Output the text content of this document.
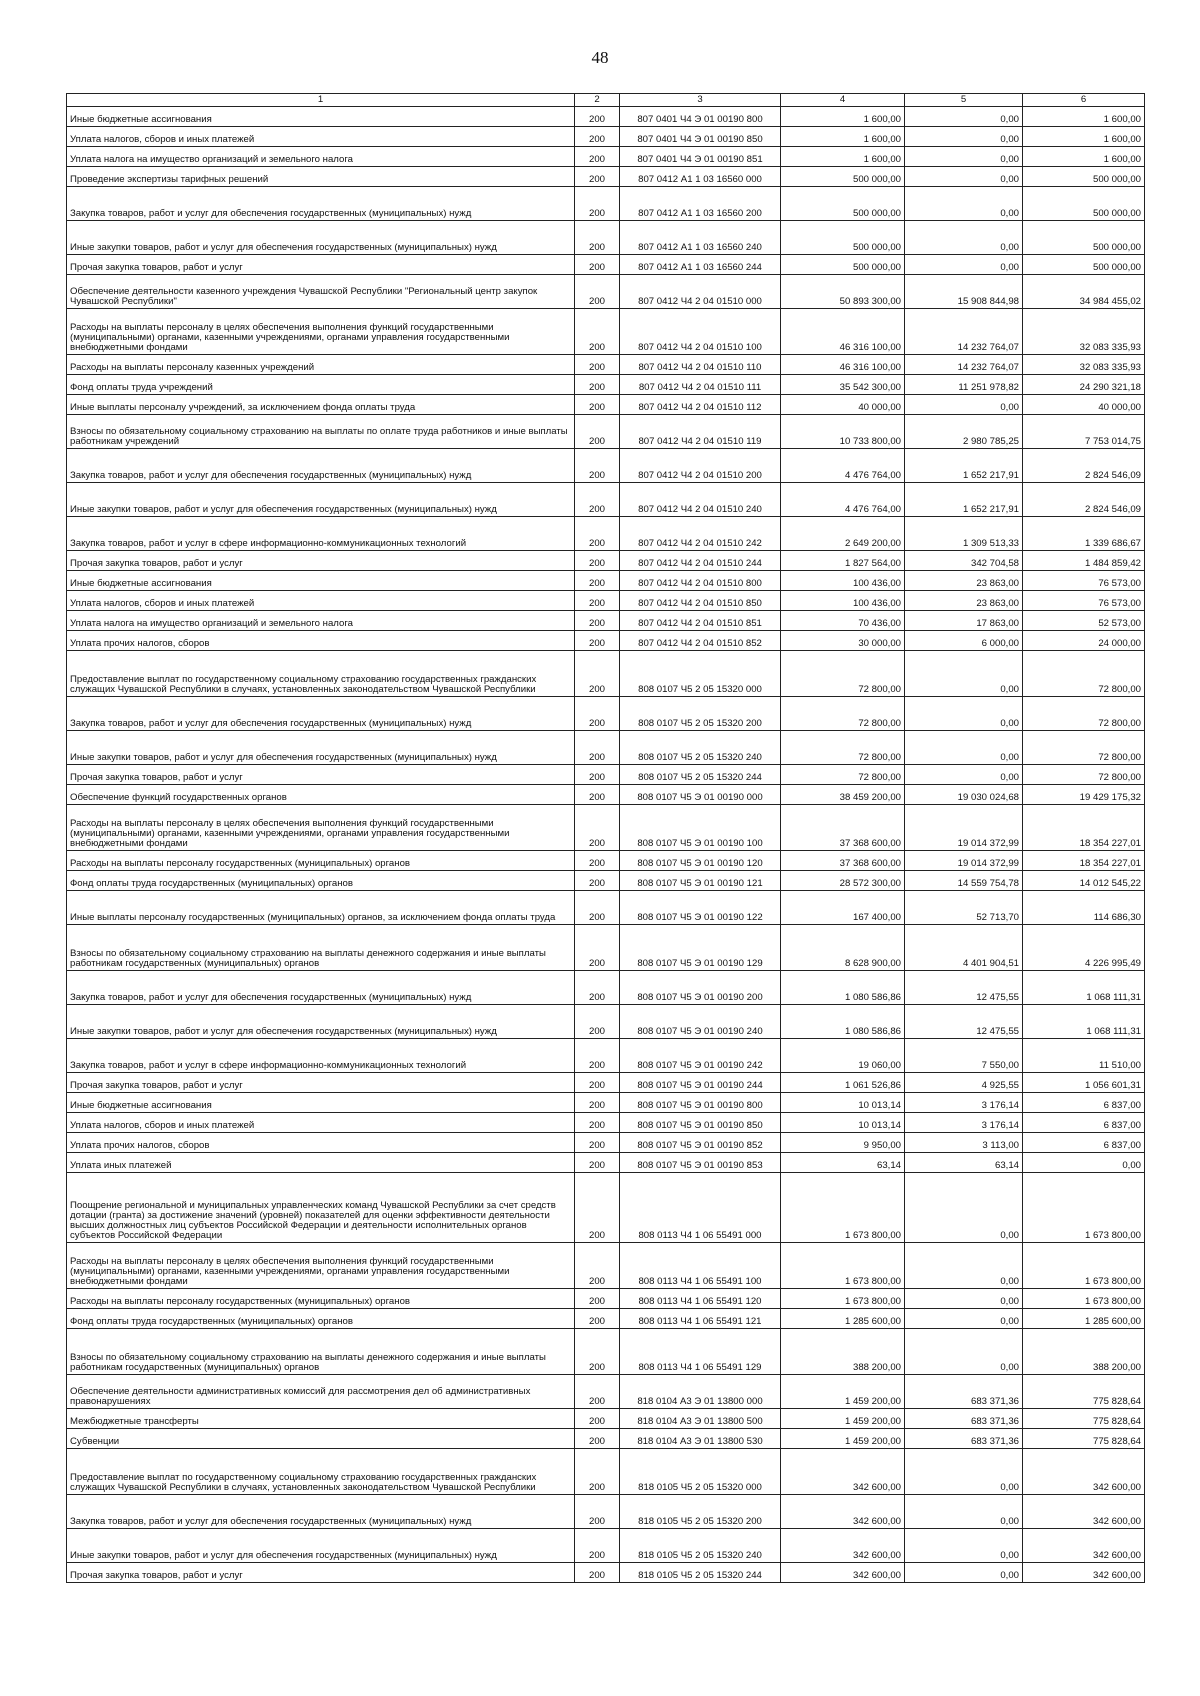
48
1	2	3	4	5	6
Иные бюджетные ассигнования	200	807 0401 Ч4 Э 01 00190 800	1 600,00	0,00	1 600,00
Уплата налогов, сборов и иных платежей	200	807 0401 Ч4 Э 01 00190 850	1 600,00	0,00	1 600,00
Уплата налога на имущество организаций и земельного налога	200	807 0401 Ч4 Э 01 00190 851	1 600,00	0,00	1 600,00
Проведение экспертизы тарифных решений	200	807 0412 А1 1 03 16560 000	500 000,00	0,00	500 000,00
Закупка товаров, работ и услуг для обеспечения государственных (муниципальных) нужд	200	807 0412 А1 1 03 16560 200	500 000,00	0,00	500 000,00
Иные закупки товаров, работ и услуг для обеспечения государственных (муниципальных) нужд	200	807 0412 А1 1 03 16560 240	500 000,00	0,00	500 000,00
Прочая закупка товаров, работ и услуг	200	807 0412 А1 1 03 16560 244	500 000,00	0,00	500 000,00
Обеспечение деятельности казенного учреждения Чувашской Республики "Региональный центр закупок Чувашской Республики"	200	807 0412 Ч4 2 04 01510 000	50 893 300,00	15 908 844,98	34 984 455,02
Расходы на выплаты персоналу в целях обеспечения выполнения функций государственными (муниципальными) органами, казенными учреждениями, органами управления государственными внебюджетными фондами	200	807 0412 Ч4 2 04 01510 100	46 316 100,00	14 232 764,07	32 083 335,93
Расходы на выплаты персоналу казенных учреждений	200	807 0412 Ч4 2 04 01510 110	46 316 100,00	14 232 764,07	32 083 335,93
Фонд оплаты труда учреждений	200	807 0412 Ч4 2 04 01510 111	35 542 300,00	11 251 978,82	24 290 321,18
Иные выплаты персоналу учреждений, за исключением фонда оплаты труда	200	807 0412 Ч4 2 04 01510 112	40 000,00	0,00	40 000,00
Взносы по обязательному социальному страхованию на выплаты по оплате труда работников и иные выплаты работникам учреждений	200	807 0412 Ч4 2 04 01510 119	10 733 800,00	2 980 785,25	7 753 014,75
Закупка товаров, работ и услуг для обеспечения государственных (муниципальных) нужд	200	807 0412 Ч4 2 04 01510 200	4 476 764,00	1 652 217,91	2 824 546,09
Иные закупки товаров, работ и услуг для обеспечения государственных (муниципальных) нужд	200	807 0412 Ч4 2 04 01510 240	4 476 764,00	1 652 217,91	2 824 546,09
Закупка товаров, работ и услуг в сфере информационно-коммуникационных технологий	200	807 0412 Ч4 2 04 01510 242	2 649 200,00	1 309 513,33	1 339 686,67
Прочая закупка товаров, работ и услуг	200	807 0412 Ч4 2 04 01510 244	1 827 564,00	342 704,58	1 484 859,42
Иные бюджетные ассигнования	200	807 0412 Ч4 2 04 01510 800	100 436,00	23 863,00	76 573,00
Уплата налогов, сборов и иных платежей	200	807 0412 Ч4 2 04 01510 850	100 436,00	23 863,00	76 573,00
Уплата налога на имущество организаций и земельного налога	200	807 0412 Ч4 2 04 01510 851	70 436,00	17 863,00	52 573,00
Уплата прочих налогов, сборов	200	807 0412 Ч4 2 04 01510 852	30 000,00	6 000,00	24 000,00
Предоставление выплат по государственному социальному страхованию государственных гражданских служащих Чувашской Республики в случаях, установленных законодательством Чувашской Республики	200	808 0107 Ч5 2 05 15320 000	72 800,00	0,00	72 800,00
Закупка товаров, работ и услуг для обеспечения государственных (муниципальных) нужд	200	808 0107 Ч5 2 05 15320 200	72 800,00	0,00	72 800,00
Иные закупки товаров, работ и услуг для обеспечения государственных (муниципальных) нужд	200	808 0107 Ч5 2 05 15320 240	72 800,00	0,00	72 800,00
Прочая закупка товаров, работ и услуг	200	808 0107 Ч5 2 05 15320 244	72 800,00	0,00	72 800,00
Обеспечение функций государственных органов	200	808 0107 Ч5 Э 01 00190 000	38 459 200,00	19 030 024,68	19 429 175,32
Расходы на выплаты персоналу в целях обеспечения выполнения функций государственными (муниципальными) органами, казенными учреждениями, органами управления государственными внебюджетными фондами	200	808 0107 Ч5 Э 01 00190 100	37 368 600,00	19 014 372,99	18 354 227,01
Расходы на выплаты персоналу государственных (муниципальных) органов	200	808 0107 Ч5 Э 01 00190 120	37 368 600,00	19 014 372,99	18 354 227,01
Фонд оплаты труда государственных (муниципальных) органов	200	808 0107 Ч5 Э 01 00190 121	28 572 300,00	14 559 754,78	14 012 545,22
Иные выплаты персоналу государственных (муниципальных) органов, за исключением фонда оплаты труда	200	808 0107 Ч5 Э 01 00190 122	167 400,00	52 713,70	114 686,30
Взносы по обязательному социальному страхованию на выплаты денежного содержания и иные выплаты работникам государственных (муниципальных) органов	200	808 0107 Ч5 Э 01 00190 129	8 628 900,00	4 401 904,51	4 226 995,49
Закупка товаров, работ и услуг для обеспечения государственных (муниципальных) нужд	200	808 0107 Ч5 Э 01 00190 200	1 080 586,86	12 475,55	1 068 111,31
Иные закупки товаров, работ и услуг для обеспечения государственных (муниципальных) нужд	200	808 0107 Ч5 Э 01 00190 240	1 080 586,86	12 475,55	1 068 111,31
Закупка товаров, работ и услуг в сфере информационно-коммуникационных технологий	200	808 0107 Ч5 Э 01 00190 242	19 060,00	7 550,00	11 510,00
Прочая закупка товаров, работ и услуг	200	808 0107 Ч5 Э 01 00190 244	1 061 526,86	4 925,55	1 056 601,31
Иные бюджетные ассигнования	200	808 0107 Ч5 Э 01 00190 800	10 013,14	3 176,14	6 837,00
Уплата налогов, сборов и иных платежей	200	808 0107 Ч5 Э 01 00190 850	10 013,14	3 176,14	6 837,00
Уплата прочих налогов, сборов	200	808 0107 Ч5 Э 01 00190 852	9 950,00	3 113,00	6 837,00
Уплата иных платежей	200	808 0107 Ч5 Э 01 00190 853	63,14	63,14	0,00
Поощрение региональной и муниципальных управленческих команд Чувашской Республики за счет средств дотации (гранта) за достижение значений (уровней) показателей для оценки эффективности деятельности высших должностных лиц субъектов Российской Федерации и деятельности исполнительных органов субъектов Российской Федерации	200	808 0113 Ч4 1 06 55491 000	1 673 800,00	0,00	1 673 800,00
Расходы на выплаты персоналу в целях обеспечения выполнения функций государственными (муниципальными) органами, казенными учреждениями, органами управления государственными внебюджетными фондами	200	808 0113 Ч4 1 06 55491 100	1 673 800,00	0,00	1 673 800,00
Расходы на выплаты персоналу государственных (муниципальных) органов	200	808 0113 Ч4 1 06 55491 120	1 673 800,00	0,00	1 673 800,00
Фонд оплаты труда государственных (муниципальных) органов	200	808 0113 Ч4 1 06 55491 121	1 285 600,00	0,00	1 285 600,00
Взносы по обязательному социальному страхованию на выплаты денежного содержания и иные выплаты работникам государственных (муниципальных) органов	200	808 0113 Ч4 1 06 55491 129	388 200,00	0,00	388 200,00
Обеспечение деятельности административных комиссий для рассмотрения дел об административных правонарушениях	200	818 0104 А3 Э 01 13800 000	1 459 200,00	683 371,36	775 828,64
Межбюджетные трансферты	200	818 0104 А3 Э 01 13800 500	1 459 200,00	683 371,36	775 828,64
Субвенции	200	818 0104 А3 Э 01 13800 530	1 459 200,00	683 371,36	775 828,64
Предоставление выплат по государственному социальному страхованию государственных гражданских служащих Чувашской Республики в случаях, установленных законодательством Чувашской Республики	200	818 0105 Ч5 2 05 15320 000	342 600,00	0,00	342 600,00
Закупка товаров, работ и услуг для обеспечения государственных (муниципальных) нужд	200	818 0105 Ч5 2 05 15320 200	342 600,00	0,00	342 600,00
Иные закупки товаров, работ и услуг для обеспечения государственных (муниципальных) нужд	200	818 0105 Ч5 2 05 15320 240	342 600,00	0,00	342 600,00
Прочая закупка товаров, работ и услуг	200	818 0105 Ч5 2 05 15320 244	342 600,00	0,00	342 600,00
